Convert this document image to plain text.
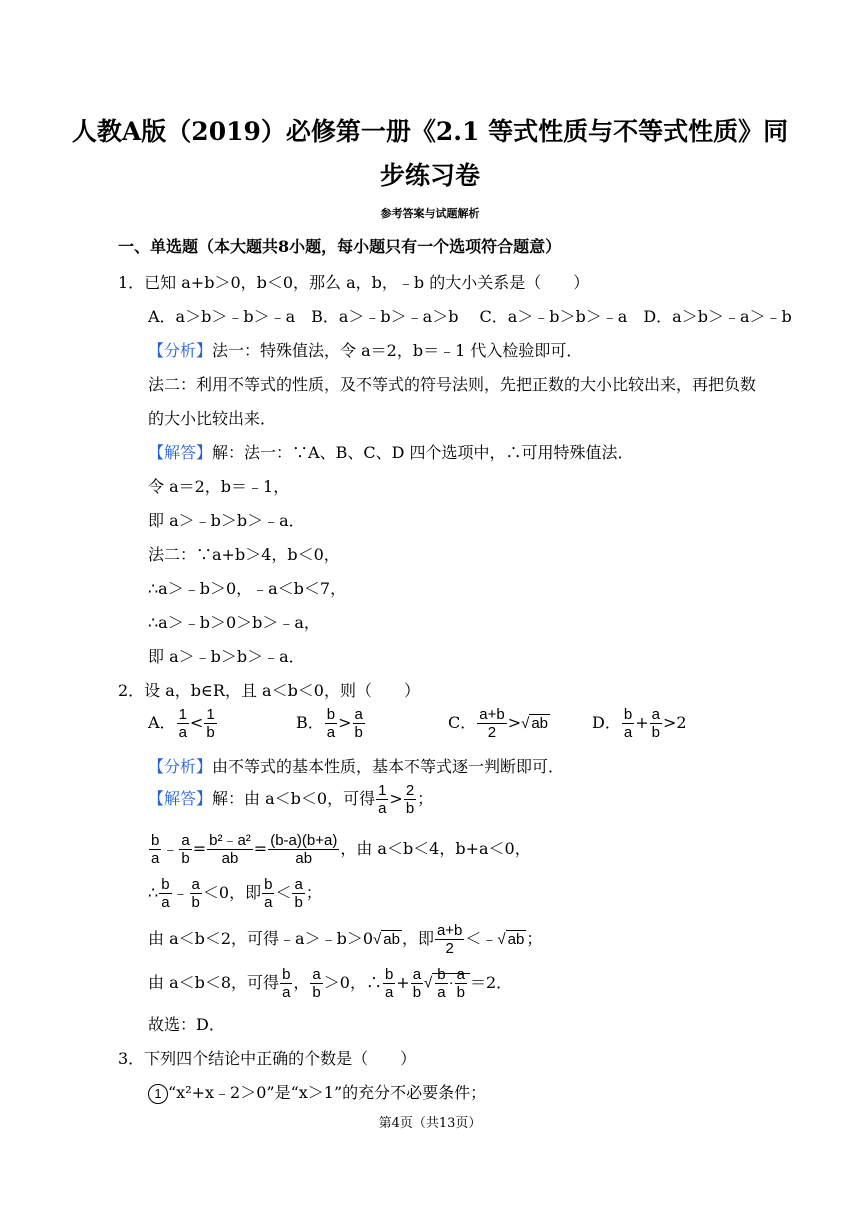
人教A版（2019）必修第一册《2.1 等式性质与不等式性质》同
步练习卷
参考答案与试题解析
一、单选题（本大题共8小题，每小题只有一个选项符合题意）
1．已知 a+b＞0，b＜0，那么 a，b，﹣b 的大小关系是（　　）
A．a＞b＞﹣b＞﹣a　B．a＞﹣b＞﹣a＞b　 C．a＞﹣b＞b＞﹣a　D．a＞b＞﹣a＞﹣b
【分析】法一：特殊值法，令 a＝2，b＝﹣1 代入检验即可．
法二：利用不等式的性质，及不等式的符号法则，先把正数的大小比较出来，再把负数
的大小比较出来．
【解答】解：法一：∵A、B、C、D 四个选项中，∴可用特殊值法．
令 a＝2，b＝﹣1，
即 a＞﹣b＞b＞﹣a．
法二：∵a+b＞4，b＜0，
∴a＞﹣b＞0，﹣a＜b＜7，
∴a＞﹣b＞0＞b＞﹣a，
即 a＞﹣b＞b＞﹣a．
2．设 a，b∈R，且 a＜b＜0，则（　　）
A． $\frac{1}{a} < \frac{1}{b}$	B． $\frac{b}{a} > \frac{a}{b}$	C． $\frac{a+b}{2}$ >√ ab	D． $\frac{b}{a} + \frac{a}{b} >2$
【分析】由不等式的基本性质，基本不等式逐一判断即可．
【解答】解：由 a＜b＜0，可得 $\frac{1}{a} > \frac{2}{b}$ ；
$\frac{b}{a}$ ﹣ $\frac{a}{b} = \frac{\text{b²﹣a²}}{ab} = \frac{(b-a)(b+a)}{ab}$ ，由 a＜b＜4，b+a＜0，
∴ $\frac{b}{a}$ ﹣ $\frac{a}{b} <0$，即 $\frac{b}{a} < \frac{a}{b}$ ；
由 a＜b＜2，可得﹣a＞﹣b＞0√ ab ，即 $\frac{a+b}{2}$ ＜﹣√ ab ；
由 a＜b＜8，可得 $\frac{b}{a}$ ， $\frac{a}{b} >0$，∴ $\frac{b}{a} + \frac{a}{b}$ √ $\frac{b}{a} \cdot \frac{a}{b} =2$．
故选：D．
3．下列四个结论中正确的个数是（　　）
1 “x²+x﹣2＞0”是“x＞1”的充分不必要条件；
第4页（共13页）
